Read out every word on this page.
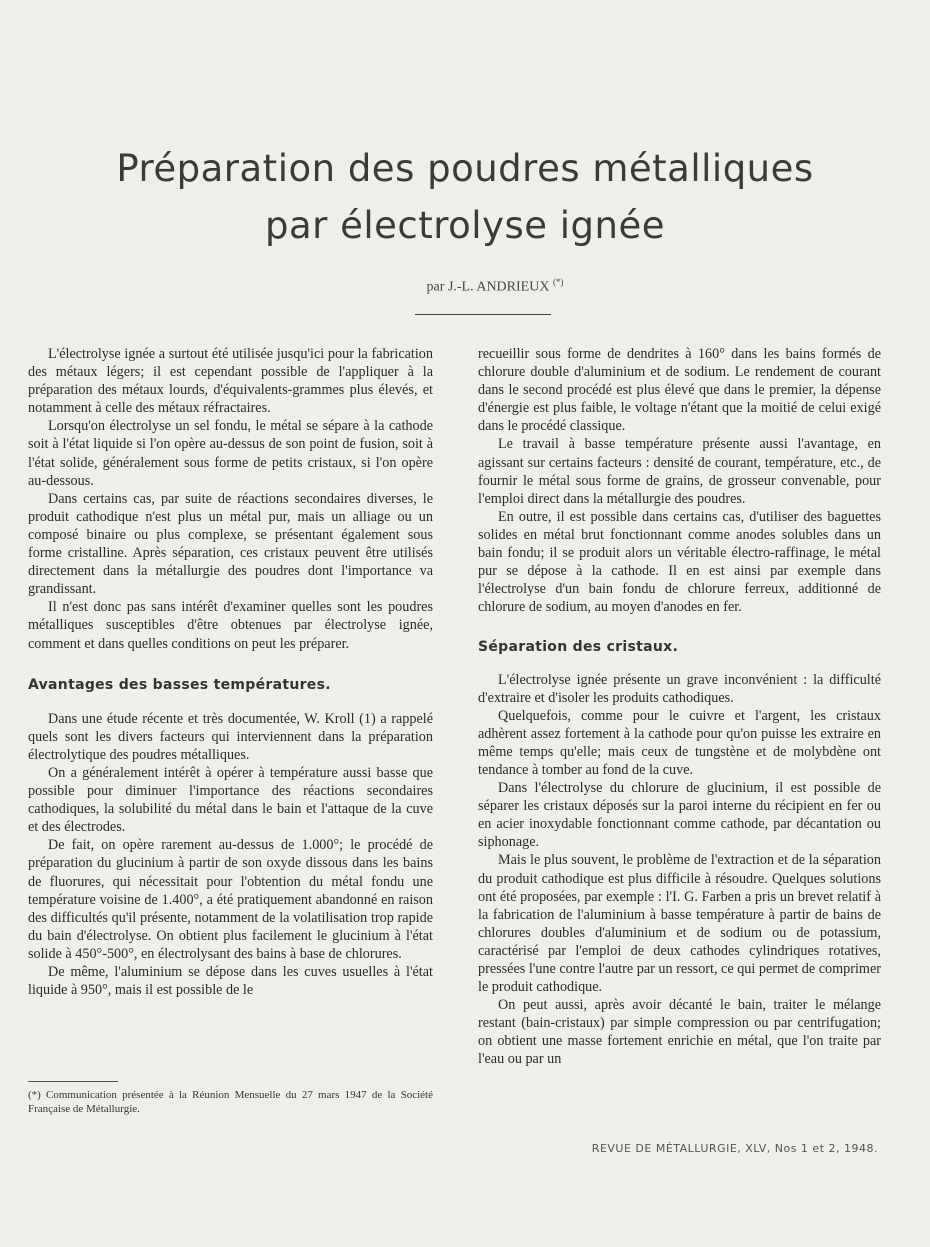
Préparation des poudres métalliques
par électrolyse ignée
par J.-L. ANDRIEUX (*)

L'électrolyse ignée a surtout été utilisée jusqu'ici pour la fabrication des métaux légers; il est cependant possible de l'appliquer à la préparation des métaux lourds, d'équivalents-grammes plus élevés, et notamment à celle des métaux réfractaires.

Lorsqu'on électrolyse un sel fondu, le métal se sépare à la cathode soit à l'état liquide si l'on opère au-dessus de son point de fusion, soit à l'état solide, généralement sous forme de petits cristaux, si l'on opère au-dessous.

Dans certains cas, par suite de réactions secondaires diverses, le produit cathodique n'est plus un métal pur, mais un alliage ou un composé binaire ou plus complexe, se présentant également sous forme cristalline. Après séparation, ces cristaux peuvent être utilisés directement dans la métallurgie des poudres dont l'importance va grandissant.

Il n'est donc pas sans intérêt d'examiner quelles sont les poudres métalliques susceptibles d'être obtenues par électrolyse ignée, comment et dans quelles conditions on peut les préparer.

Avantages des basses températures.

Dans une étude récente et très documentée, W. Kroll (1) a rappelé quels sont les divers facteurs qui interviennent dans la préparation électrolytique des poudres métalliques.

On a généralement intérêt à opérer à température aussi basse que possible pour diminuer l'importance des réactions secondaires cathodiques, la solubilité du métal dans le bain et l'attaque de la cuve et des électrodes.

De fait, on opère rarement au-dessus de 1.000°; le procédé de préparation du glucinium à partir de son oxyde dissous dans les bains de fluorures, qui nécessitait pour l'obtention du métal fondu une température voisine de 1.400°, a été pratiquement abandonné en raison des difficultés qu'il présente, notamment de la volatilisation trop rapide du bain d'électrolyse. On obtient plus facilement le glucinium à l'état solide à 450°-500°, en électrolysant des bains à base de chlorures.

De même, l'aluminium se dépose dans les cuves usuelles à l'état liquide à 950°, mais il est possible de le

recueillir sous forme de dendrites à 160° dans les bains formés de chlorure double d'aluminium et de sodium. Le rendement de courant dans le second procédé est plus élevé que dans le premier, la dépense d'énergie est plus faible, le voltage n'étant que la moitié de celui exigé dans le procédé classique.

Le travail à basse température présente aussi l'avantage, en agissant sur certains facteurs : densité de courant, température, etc., de fournir le métal sous forme de grains, de grosseur convenable, pour l'emploi direct dans la métallurgie des poudres.

En outre, il est possible dans certains cas, d'utiliser des baguettes solides en métal brut fonctionnant comme anodes solubles dans un bain fondu; il se produit alors un véritable électro-raffinage, le métal pur se dépose à la cathode. Il en est ainsi par exemple dans l'électrolyse d'un bain fondu de chlorure ferreux, additionné de chlorure de sodium, au moyen d'anodes en fer.

Séparation des cristaux.

L'électrolyse ignée présente un grave inconvénient : la difficulté d'extraire et d'isoler les produits cathodiques.

Quelquefois, comme pour le cuivre et l'argent, les cristaux adhèrent assez fortement à la cathode pour qu'on puisse les extraire en même temps qu'elle; mais ceux de tungstène et de molybdène ont tendance à tomber au fond de la cuve.

Dans l'électrolyse du chlorure de glucinium, il est possible de séparer les cristaux déposés sur la paroi interne du récipient en fer ou en acier inoxydable fonctionnant comme cathode, par décantation ou siphonage.

Mais le plus souvent, le problème de l'extraction et de la séparation du produit cathodique est plus difficile à résoudre. Quelques solutions ont été proposées, par exemple : l'I. G. Farben a pris un brevet relatif à la fabrication de l'aluminium à basse température à partir de bains de chlorures doubles d'aluminium et de sodium ou de potassium, caractérisé par l'emploi de deux cathodes cylindriques rotatives, pressées l'une contre l'autre par un ressort, ce qui permet de comprimer le produit cathodique.

On peut aussi, après avoir décanté le bain, traiter le mélange restant (bain-cristaux) par simple compression ou par centrifugation; on obtient une masse fortement enrichie en métal, que l'on traite par l'eau ou par un

(*) Communication présentée à la Réunion Mensuelle du 27 mars 1947 de la Société Française de Métallurgie.
REVUE DE MÉTALLURGIE, XLV, Nos 1 et 2, 1948.
